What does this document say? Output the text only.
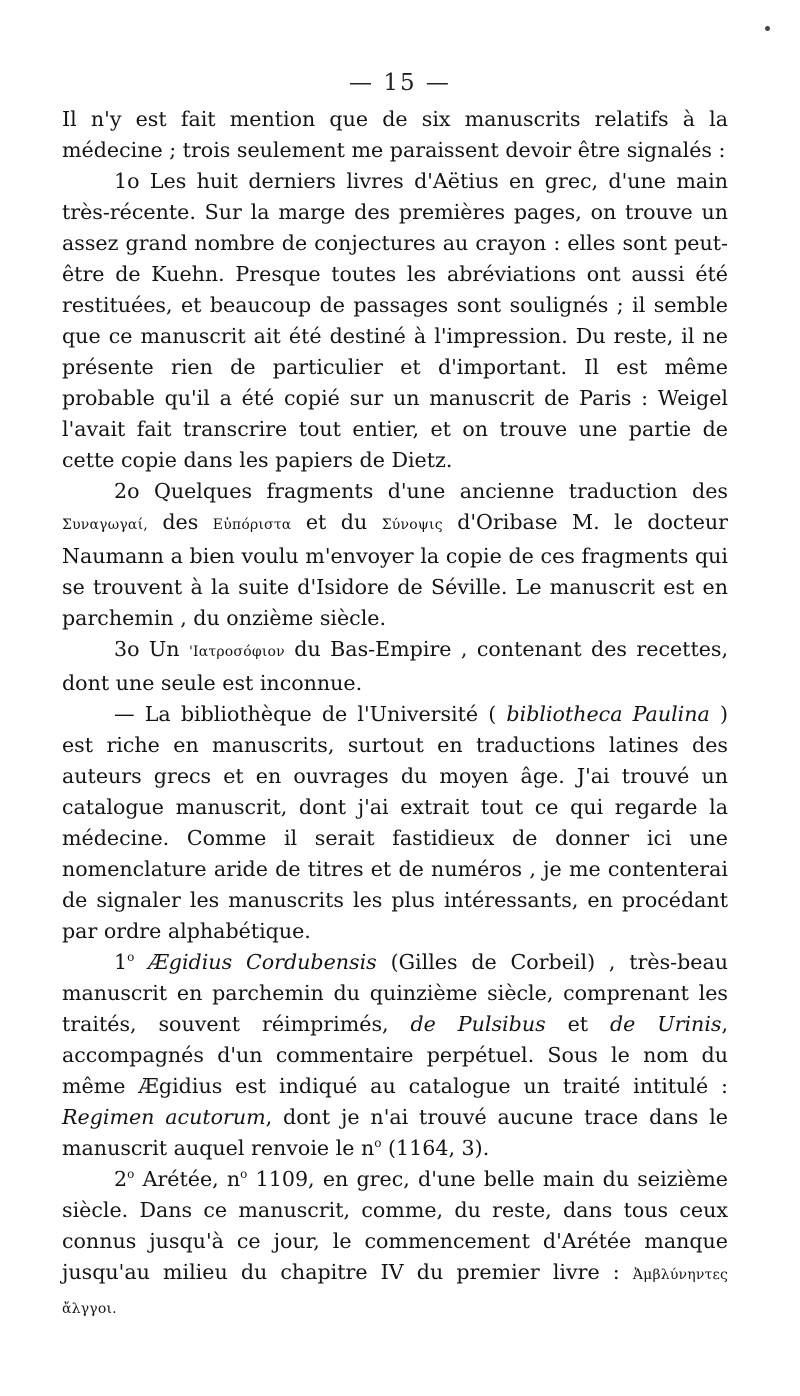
— 15 —

Il n'y est fait mention que de six manuscrits relatifs à la médecine ; trois seulement me paraissent devoir être signalés :

1o Les huit derniers livres d'Aëtius en grec, d'une main très-récente. Sur la marge des premières pages, on trouve un assez grand nombre de conjectures au crayon : elles sont peut-être de Kuehn. Presque toutes les abréviations ont aussi été restituées, et beaucoup de passages sont soulignés ; il semble que ce manuscrit ait été destiné à l'impression. Du reste, il ne présente rien de particulier et d'important. Il est même probable qu'il a été copié sur un manuscrit de Paris : Weigel l'avait fait transcrire tout entier, et on trouve une partie de cette copie dans les papiers de Dietz.

2o Quelques fragments d'une ancienne traduction des Συναγωγαί, des Εὐπόριστα et du Σύνοψις d'Oribase M. le docteur Naumann a bien voulu m'envoyer la copie de ces fragments qui se trouvent à la suite d'Isidore de Séville. Le manuscrit est en parchemin , du onzième siècle.

3o Un 'Ιατροσόφιον du Bas-Empire , contenant des recettes, dont une seule est inconnue.

— La bibliothèque de l'Université ( bibliotheca Paulina ) est riche en manuscrits, surtout en traductions latines des auteurs grecs et en ouvrages du moyen âge. J'ai trouvé un catalogue manuscrit, dont j'ai extrait tout ce qui regarde la médecine. Comme il serait fastidieux de donner ici une nomenclature aride de titres et de numéros , je me contenterai de signaler les manuscrits les plus intéressants, en procédant par ordre alphabétique.

1$^o$ Ægidius Cordubensis (Gilles de Corbeil) , très-beau manuscrit en parchemin du quinzième siècle, comprenant les traités, souvent réimprimés, de Pulsibus et de Urinis, accompagnés d'un commentaire perpétuel. Sous le nom du même Ægidius est indiqué au catalogue un traité intitulé : Regimen acutorum, dont je n'ai trouvé aucune trace dans le manuscrit auquel renvoie le $n^o$ (1164, 3).

2$^o$ Arétée, $n^o$ 1109, en grec, d'une belle main du seizième siècle. Dans ce manuscrit, comme, du reste, dans tous ceux connus jusqu'à ce jour, le commencement d'Arétée manque jusqu'au milieu du chapitre IV du premier livre : Ἀμβλύνηντες ἄλγγοι.
